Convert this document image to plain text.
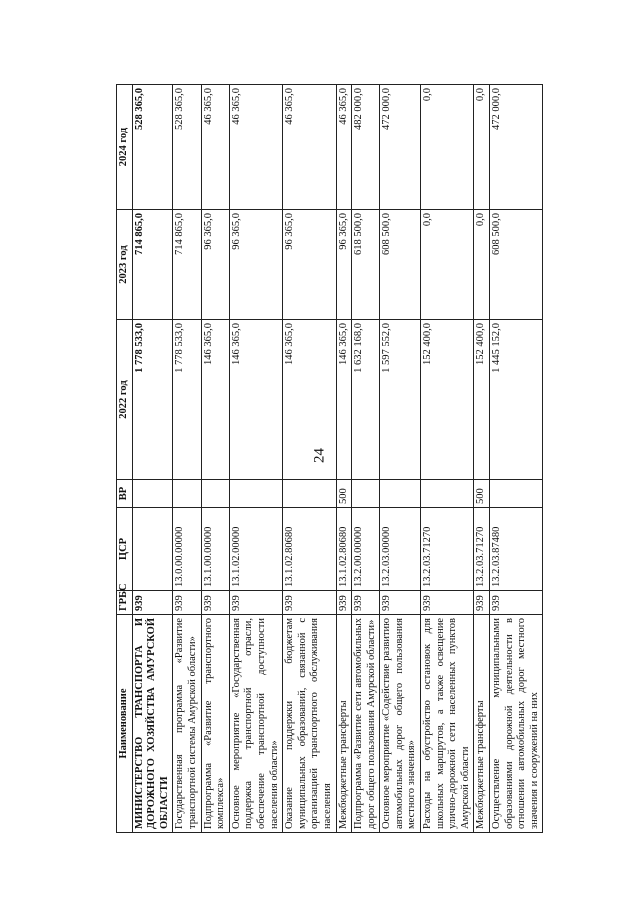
24
Наименование	ГРБС	ЦСР	ВР	2022 год	2023 год	2024 год
МИНИСТЕРСТВО ТРАНСПОРТА И ДОРОЖНОГО ХОЗЯЙСТВА АМУРСКОЙ ОБЛАСТИ	939			1 778 533,0	714 865,0	528 365,0
Государственная программа «Развитие транспортной системы Амурской области»	939	13.0.00.00000		1 778 533,0	714 865,0	528 365,0
Подпрограмма «Развитие транспортного комплекса»	939	13.1.00.00000		146 365,0	96 365,0	46 365,0
Основное мероприятие «Государственная поддержка транспортной отрасли, обеспечение транспортной доступности населения области»	939	13.1.02.00000		146 365,0	96 365,0	46 365,0
Оказание поддержки бюджетам муниципальных образований, связанной с организацией транспортного обслуживания населения	939	13.1.02.80680		146 365,0	96 365,0	46 365,0
Межбюджетные трансферты	939	13.1.02.80680	500	146 365,0	96 365,0	46 365,0
Подпрограмма «Развитие сети автомобильных дорог общего пользования Амурской области»	939	13.2.00.00000		1 632 168,0	618 500,0	482 000,0
Основное мероприятие «Содействие развитию автомобильных дорог общего пользования местного значения»	939	13.2.03.00000		1 597 552,0	608 500,0	472 000,0
Расходы на обустройство остановок для школьных маршрутов, а также освещение улично-дорожной сети населенных пунктов Амурской области	939	13.2.03.71270		152 400,0	0,0	0,0
Межбюджетные трансферты	939	13.2.03.71270	500	152 400,0	0,0	0,0
Осуществление муниципальными образованиями дорожной деятельности в отношении автомобильных дорог местного значения и сооружений на них	939	13.2.03.87480		1 445 152,0	608 500,0	472 000,0
